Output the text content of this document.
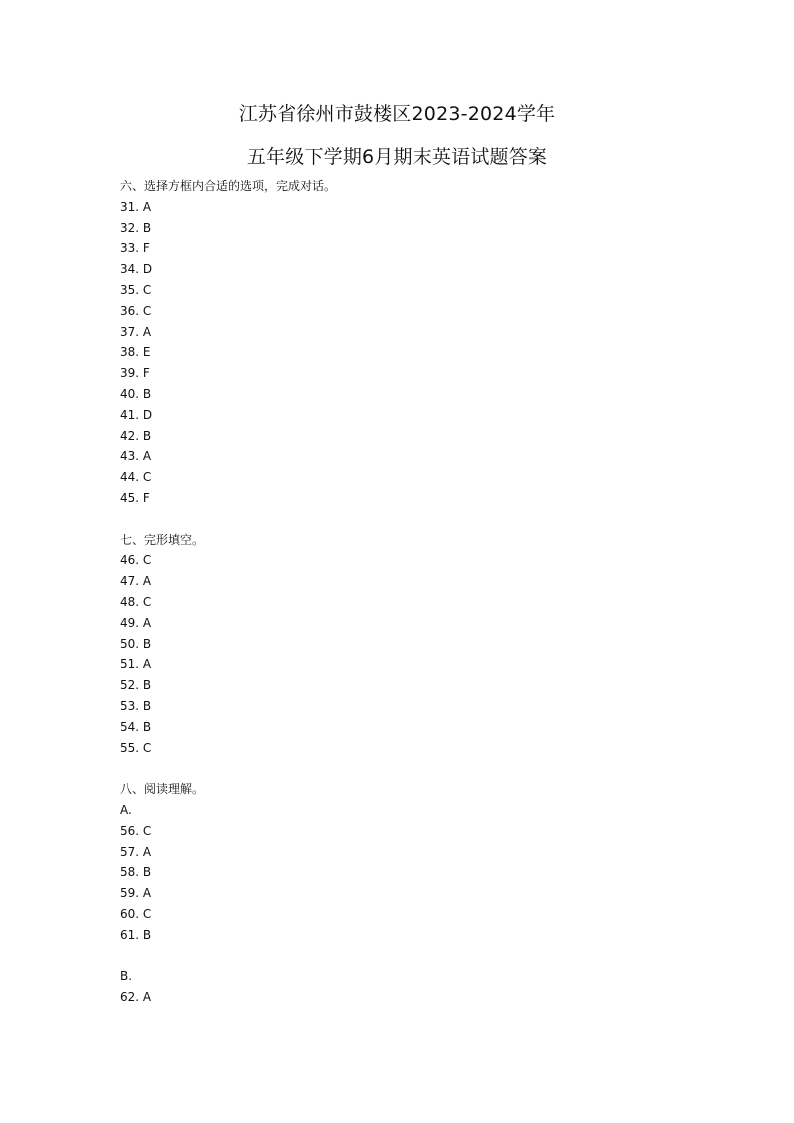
江苏省徐州市鼓楼区2023-2024学年
五年级下学期6月期末英语试题答案
六、选择方框内合适的选项，完成对话。
31. A
32. B
33. F
34. D
35. C
36. C
37. A
38. E
39. F
40. B
41. D
42. B
43. A
44. C
45. F
七、完形填空。
46. C
47. A
48. C
49. A
50. B
51. A
52. B
53. B
54. B
55. C
八、阅读理解。
A.
56. C
57. A
58. B
59. A
60. C
61. B
B.
62. A
